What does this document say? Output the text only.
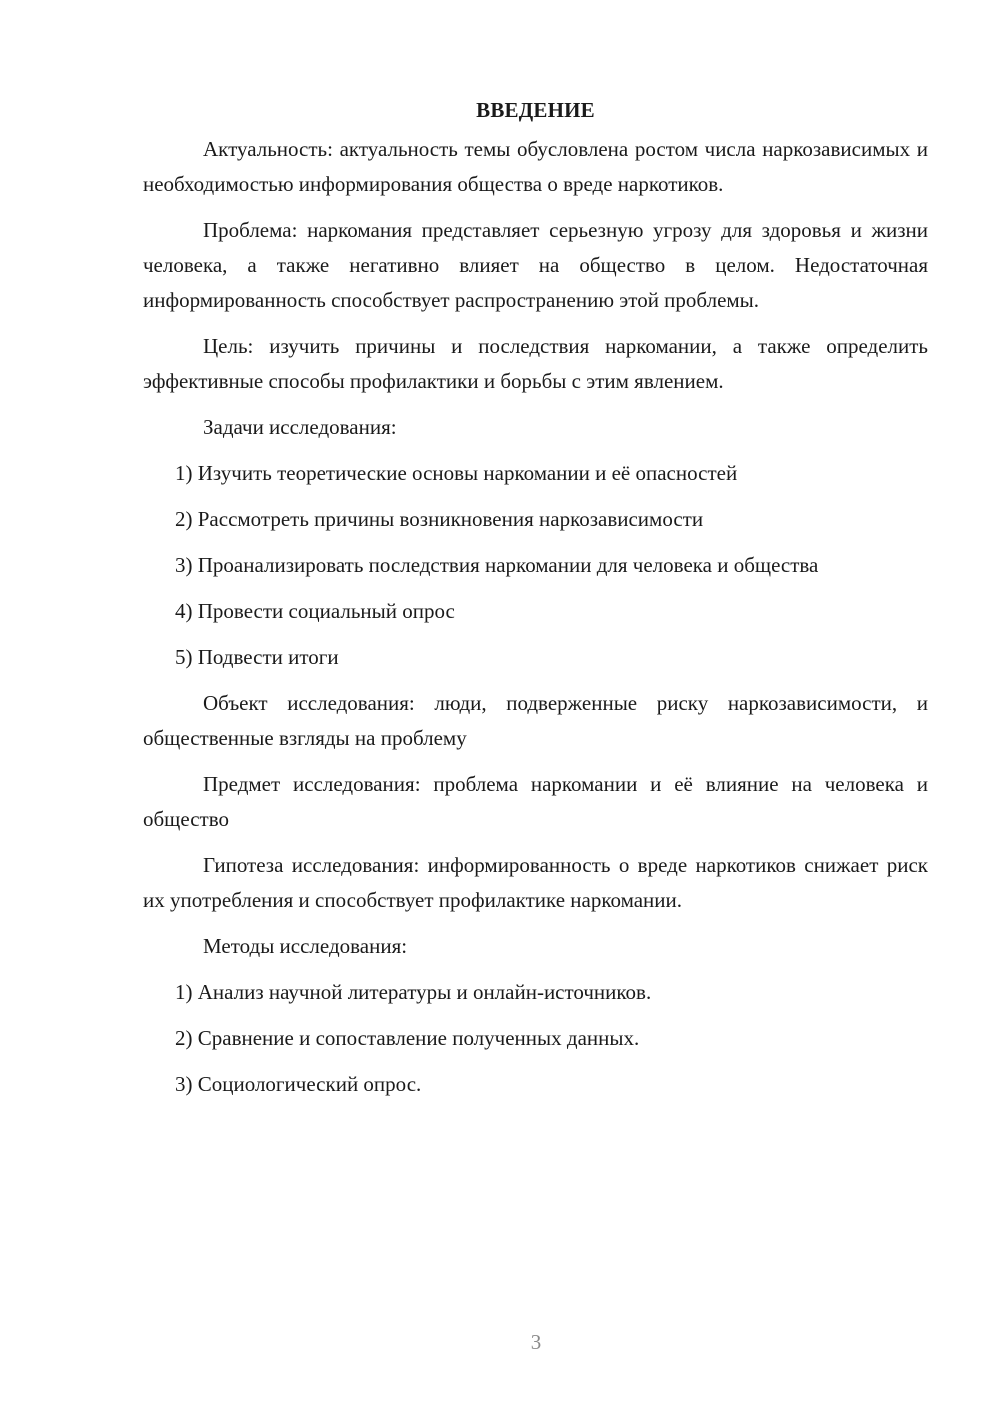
ВВЕДЕНИЕ

Актуальность: актуальность темы обусловлена ростом числа наркозависимых и необходимостью информирования общества о вреде наркотиков.

Проблема: наркомания представляет серьезную угрозу для здоровья и жизни человека, а также негативно влияет на общество в целом. Недостаточная информированность способствует распространению этой проблемы.

Цель: изучить причины и последствия наркомании, а также определить эффективные способы профилактики и борьбы с этим явлением.

Задачи исследования:

1) Изучить теоретические основы наркомании и её опасностей

2) Рассмотреть причины возникновения наркозависимости

3) Проанализировать последствия наркомании для человека и общества

4) Провести социальный опрос

5) Подвести итоги

Объект исследования: люди, подверженные риску наркозависимости, и общественные взгляды на проблему

Предмет исследования: проблема наркомании и её влияние на человека и общество

Гипотеза исследования: информированность о вреде наркотиков снижает риск их употребления и способствует профилактике наркомании.

Методы исследования:

1) Анализ научной литературы и онлайн-источников.

2) Сравнение и сопоставление полученных данных.

3) Социологический опрос.

3
